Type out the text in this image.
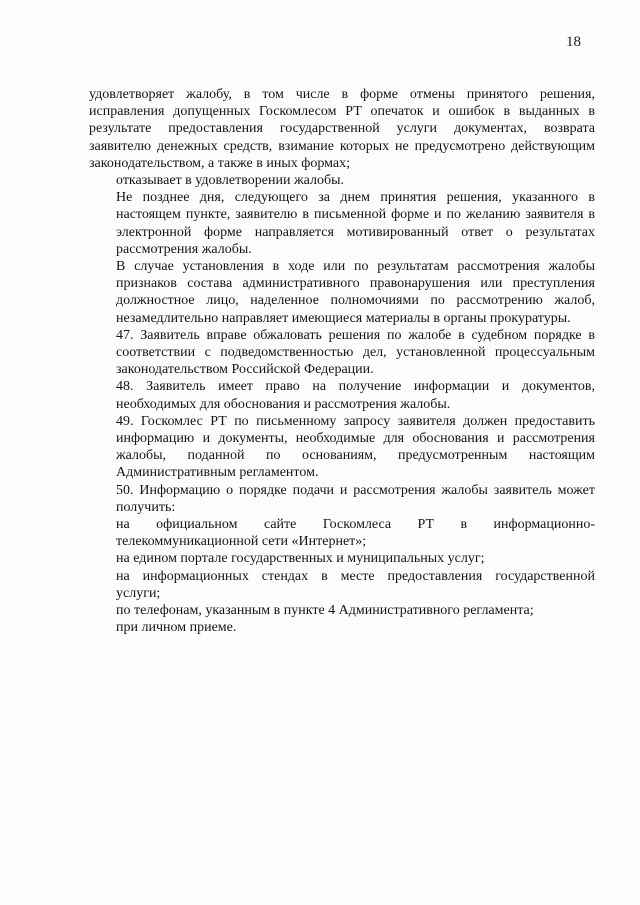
18

удовлетворяет жалобу, в том числе в форме отмены принятого решения,
исправления допущенных Госкомлесом РТ опечаток и ошибок в выданных в
результате предоставления государственной услуги документах, возврата
заявителю денежных средств, взимание которых не предусмотрено действующим
законодательством, а также в иных формах;

отказывает в удовлетворении жалобы.

Не позднее дня, следующего за днем принятия решения, указанного в
настоящем пункте, заявителю в письменной форме и по желанию заявителя в
электронной форме направляется мотивированный ответ о результатах
рассмотрения жалобы.

В случае установления в ходе или по результатам рассмотрения жалобы
признаков состава административного правонарушения или преступления
должностное лицо, наделенное полномочиями по рассмотрению жалоб,
незамедлительно направляет имеющиеся материалы в органы прокуратуры.

47. Заявитель вправе обжаловать решения по жалобе в судебном порядке в
соответствии с подведомственностью дел, установленной процессуальным
законодательством Российской Федерации.

48. Заявитель имеет право на получение информации и документов,
необходимых для обоснования и рассмотрения жалобы.

49. Госкомлес РТ по письменному запросу заявителя должен предоставить
информацию и документы, необходимые для обоснования и рассмотрения
жалобы, поданной по основаниям, предусмотренным настоящим
Административным регламентом.

50. Информацию о порядке подачи и рассмотрения жалобы заявитель может
получить:

на официальном сайте Госкомлеса РТ в информационно-
телекоммуникационной сети «Интернет»;

на едином портале государственных и муниципальных услуг;

на информационных стендах в месте предоставления государственной
услуги;

по телефонам, указанным в пункте 4 Административного регламента;

при личном приеме.
